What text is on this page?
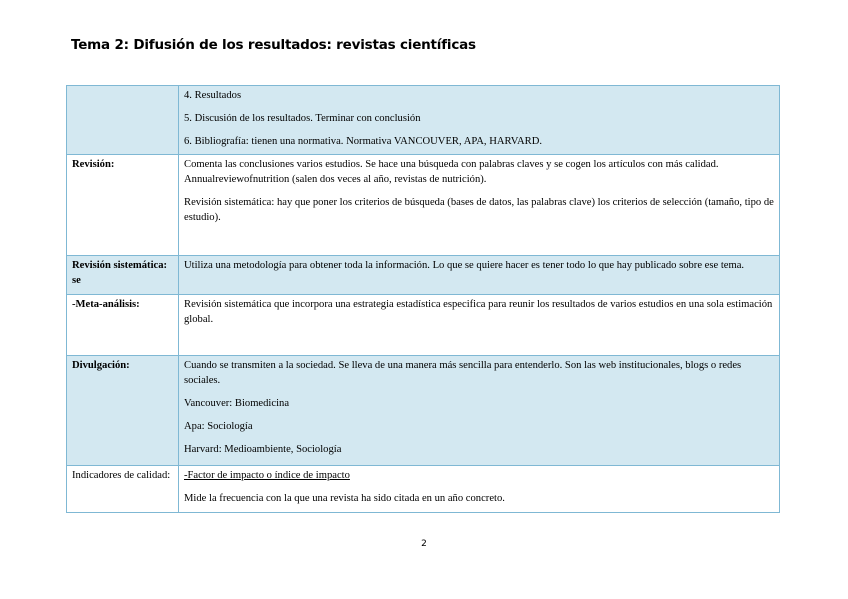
Tema 2: Difusión de los resultados: revistas científicas

	4. Resultados
5. Discusión de los resultados. Terminar con conclusión
6. Bibliografía: tienen una normativa. Normativa VANCOUVER, APA, HARVARD.

Revisión:	Comenta las conclusiones varios estudios. Se hace una búsqueda con palabras claves y se cogen los artículos con más calidad. Annualreviewofnutrition (salen dos veces al año, revistas de nutrición).
Revisión sistemática: hay que poner los criterios de búsqueda (bases de datos, las palabras clave) los criterios de selección (tamaño, tipo de estudio).

Revisión sistemática: se	Utiliza una metodología para obtener toda la información. Lo que se quiere hacer es tener todo lo que hay publicado sobre ese tema.

-Meta-análisis:	Revisión sistemática que incorpora una estrategia estadística especifica para reunir los resultados de varios estudios en una sola estimación global.

Divulgación:	Cuando se transmiten a la sociedad. Se lleva de una manera más sencilla para entenderlo. Son las web institucionales, blogs o redes sociales.
Vancouver: Biomedicina
Apa: Sociología
Harvard: Medioambiente, Sociología

Indicadores de calidad:	-Factor de impacto o índice de impacto
Mide la frecuencia con la que una revista ha sido citada en un año concreto.
2
